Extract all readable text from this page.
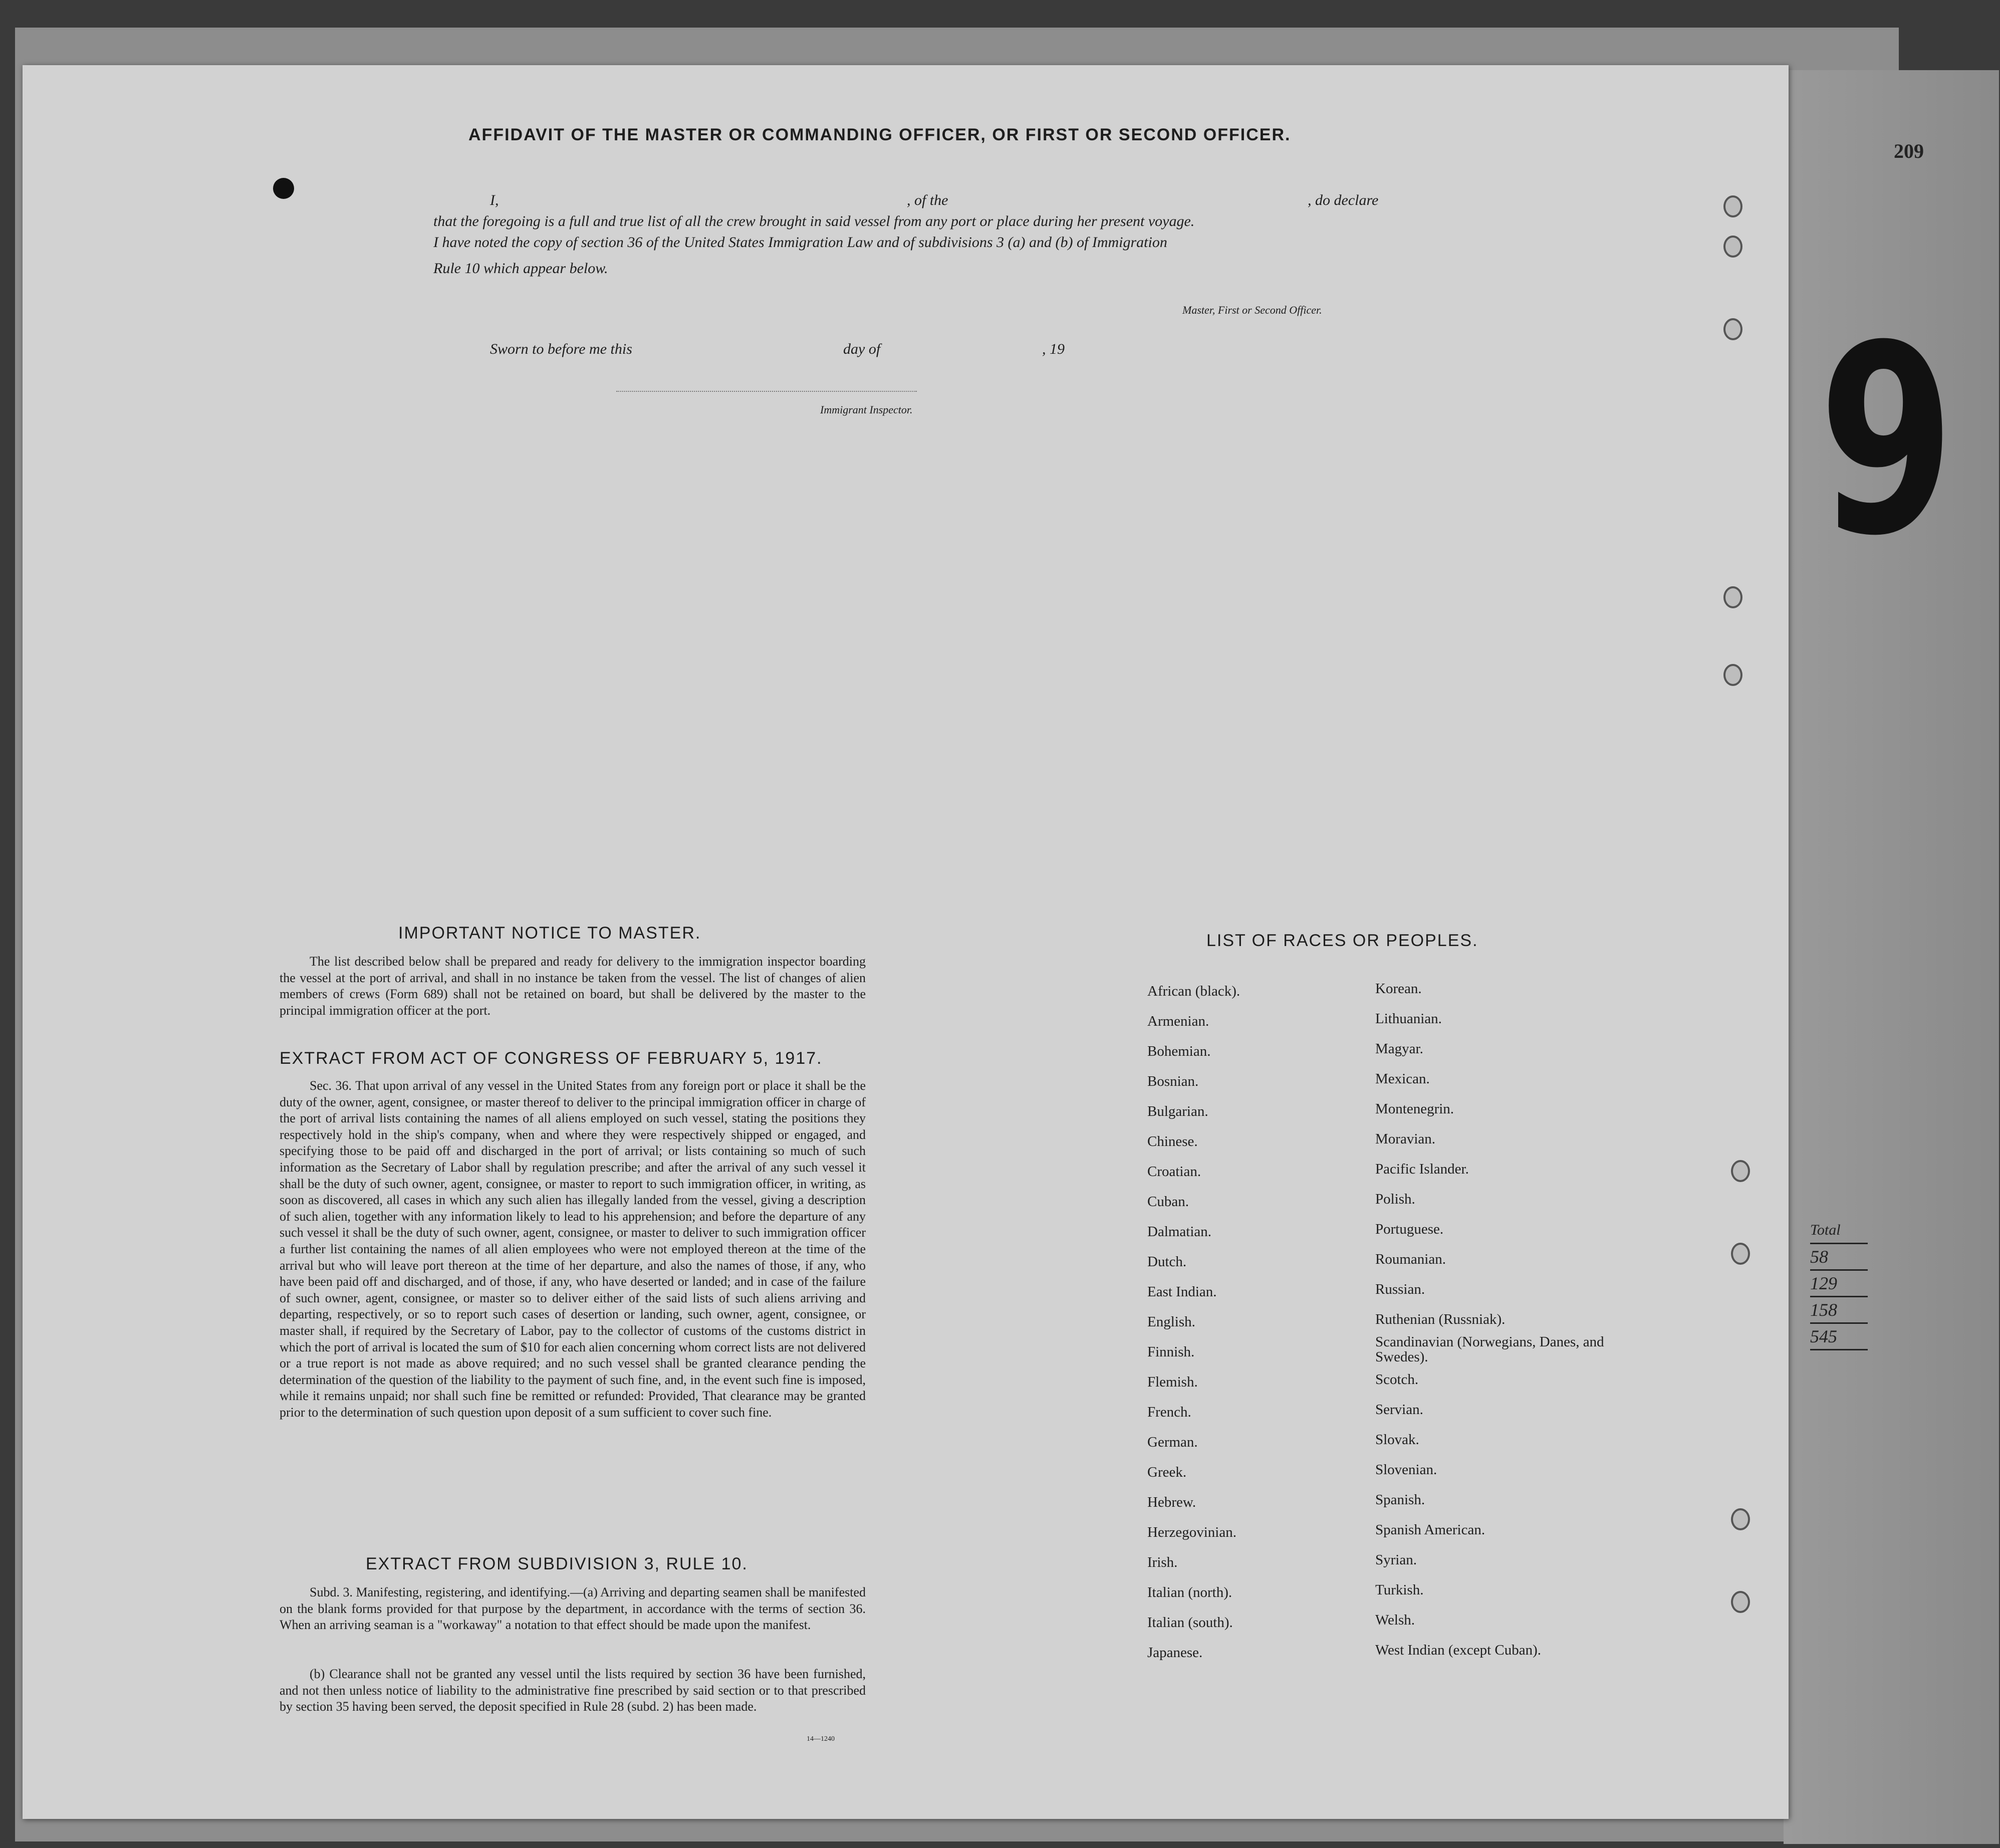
209
9
Total
58
129
158
545
AFFIDAVIT OF THE MASTER OR COMMANDING OFFICER, OR FIRST OR SECOND OFFICER.
I,	, of the	, do declare
that the foregoing is a full and true list of all the crew brought in said vessel from any port or place during her present voyage.
I have noted the copy of section 36 of the United States Immigration Law and of subdivisions 3 (a) and (b) of Immigration
Rule 10 which appear below.
Master, First or Second Officer.
Sworn to before me this	day of	, 19
Immigrant Inspector.
IMPORTANT NOTICE TO MASTER.
The list described below shall be prepared and ready for delivery to the immigration inspector boarding the vessel at the port of arrival, and shall in no instance be taken from the vessel. The list of changes of alien members of crews (Form 689) shall not be retained on board, but shall be delivered by the master to the principal immigration officer at the port.
EXTRACT FROM ACT OF CONGRESS OF FEBRUARY 5, 1917.
Sec. 36. That upon arrival of any vessel in the United States from any foreign port or place it shall be the duty of the owner, agent, consignee, or master thereof to deliver to the principal immigration officer in charge of the port of arrival lists containing the names of all aliens employed on such vessel, stating the positions they respectively hold in the ship's company, when and where they were respectively shipped or engaged, and specifying those to be paid off and discharged in the port of arrival; or lists containing so much of such information as the Secretary of Labor shall by regulation prescribe; and after the arrival of any such vessel it shall be the duty of such owner, agent, consignee, or master to report to such immigration officer, in writing, as soon as discovered, all cases in which any such alien has illegally landed from the vessel, giving a description of such alien, together with any information likely to lead to his apprehension; and before the departure of any such vessel it shall be the duty of such owner, agent, consignee, or master to deliver to such immigration officer a further list containing the names of all alien employees who were not employed thereon at the time of the arrival but who will leave port thereon at the time of her departure, and also the names of those, if any, who have been paid off and discharged, and of those, if any, who have deserted or landed; and in case of the failure of such owner, agent, consignee, or master so to deliver either of the said lists of such aliens arriving and departing, respectively, or so to report such cases of desertion or landing, such owner, agent, consignee, or master shall, if required by the Secretary of Labor, pay to the collector of customs of the customs district in which the port of arrival is located the sum of $10 for each alien concerning whom correct lists are not delivered or a true report is not made as above required; and no such vessel shall be granted clearance pending the determination of the question of the liability to the payment of such fine, and, in the event such fine is imposed, while it remains unpaid; nor shall such fine be remitted or refunded: Provided, That clearance may be granted prior to the determination of such question upon deposit of a sum sufficient to cover such fine.
EXTRACT FROM SUBDIVISION 3, RULE 10.
Subd. 3. Manifesting, registering, and identifying.—(a) Arriving and departing seamen shall be manifested on the blank forms provided for that purpose by the department, in accordance with the terms of section 36. When an arriving seaman is a "workaway" a notation to that effect should be made upon the manifest.
(b) Clearance shall not be granted any vessel until the lists required by section 36 have been furnished, and not then unless notice of liability to the administrative fine prescribed by said section or to that prescribed by section 35 having been served, the deposit specified in Rule 28 (subd. 2) has been made.
14—1240
LIST OF RACES OR PEOPLES.
African (black).
Armenian.
Bohemian.
Bosnian.
Bulgarian.
Chinese.
Croatian.
Cuban.
Dalmatian.
Dutch.
East Indian.
English.
Finnish.
Flemish.
French.
German.
Greek.
Hebrew.
Herzegovinian.
Irish.
Italian (north).
Italian (south).
Japanese.
Korean.
Lithuanian.
Magyar.
Mexican.
Montenegrin.
Moravian.
Pacific Islander.
Polish.
Portuguese.
Roumanian.
Russian.
Ruthenian (Russniak).
Scandinavian (Norwegians, Danes, and Swedes).
Scotch.
Servian.
Slovak.
Slovenian.
Spanish.
Spanish American.
Syrian.
Turkish.
Welsh.
West Indian (except Cuban).
